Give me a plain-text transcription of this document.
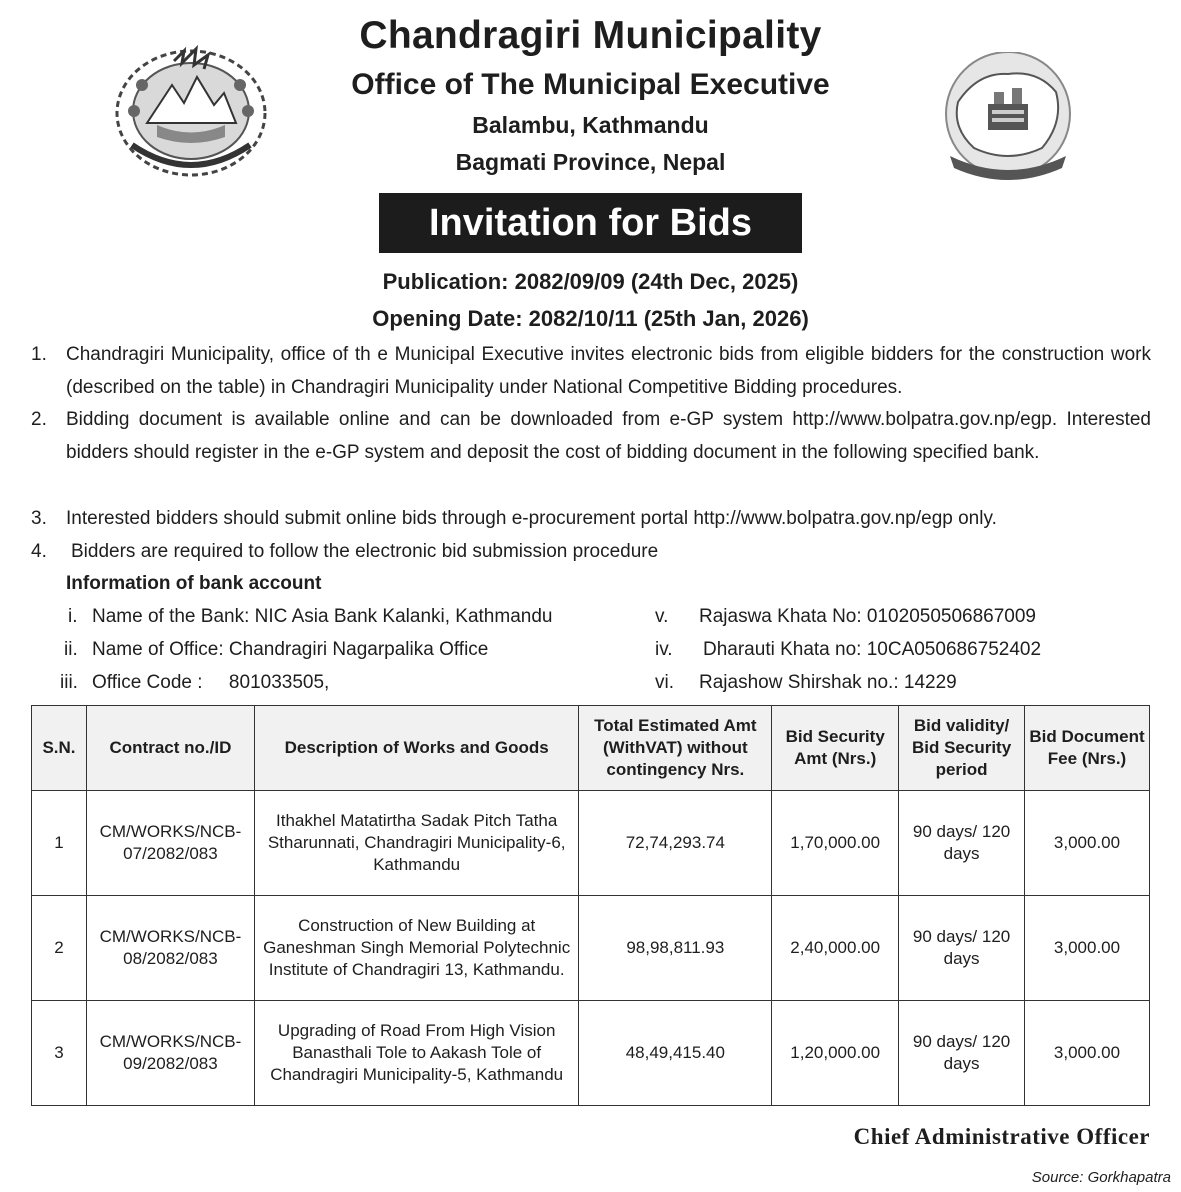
Chandragiri Municipality
Office of The Municipal Executive
Balambu, Kathmandu
Bagmati Province, Nepal
Invitation for Bids
Publication: 2082/09/09 (24th Dec, 2025)
Opening Date: 2082/10/11 (25th Jan, 2026)
1. Chandragiri Municipality, office of th e Municipal Executive invites electronic bids from eligible bidders for the construction work (described on the table) in Chandragiri Municipality under National Competitive Bidding procedures.
2. Bidding document is available online and can be downloaded from e-GP system http://www.bolpatra.gov.np/egp. Interested bidders should register in the e-GP system and deposit the cost of bidding document in the following specified bank.
3. Interested bidders should submit online bids through e-procurement portal http://www.bolpatra.gov.np/egp only.
4. Bidders are required to follow the electronic bid submission procedure
Information of bank account
i. Name of the Bank: NIC Asia Bank Kalanki, Kathmandu
ii. Name of Office: Chandragiri Nagarpalika Office
iii. Office Code :     801033505,
v. Rajaswa Khata No: 0102050506867009
iv. Dharauti Khata no: 10CA050686752402
vi. Rajashow Shirshak no.: 14229
S.N.	Contract no./ID	Description of Works and Goods	Total Estimated Amt (WithVAT) without contingency Nrs.	Bid Security Amt (Nrs.)	Bid validity/ Bid Security period	Bid Document Fee (Nrs.)
1	CM/WORKS/NCB-07/2082/083	Ithakhel Matatirtha Sadak Pitch Tatha Stharunnati, Chandragiri Municipality-6, Kathmandu	72,74,293.74	1,70,000.00	90 days/ 120 days	3,000.00
2	CM/WORKS/NCB-08/2082/083	Construction of New Building at Ganeshman Singh Memorial Polytechnic Institute of Chandragiri 13, Kathmandu.	98,98,811.93	2,40,000.00	90 days/ 120 days	3,000.00
3	CM/WORKS/NCB-09/2082/083	Upgrading of Road From High Vision Banasthali Tole to Aakash Tole of Chandragiri Municipality-5, Kathmandu	48,49,415.40	1,20,000.00	90 days/ 120 days	3,000.00
Chief Administrative Officer
Source: Gorkhapatra
